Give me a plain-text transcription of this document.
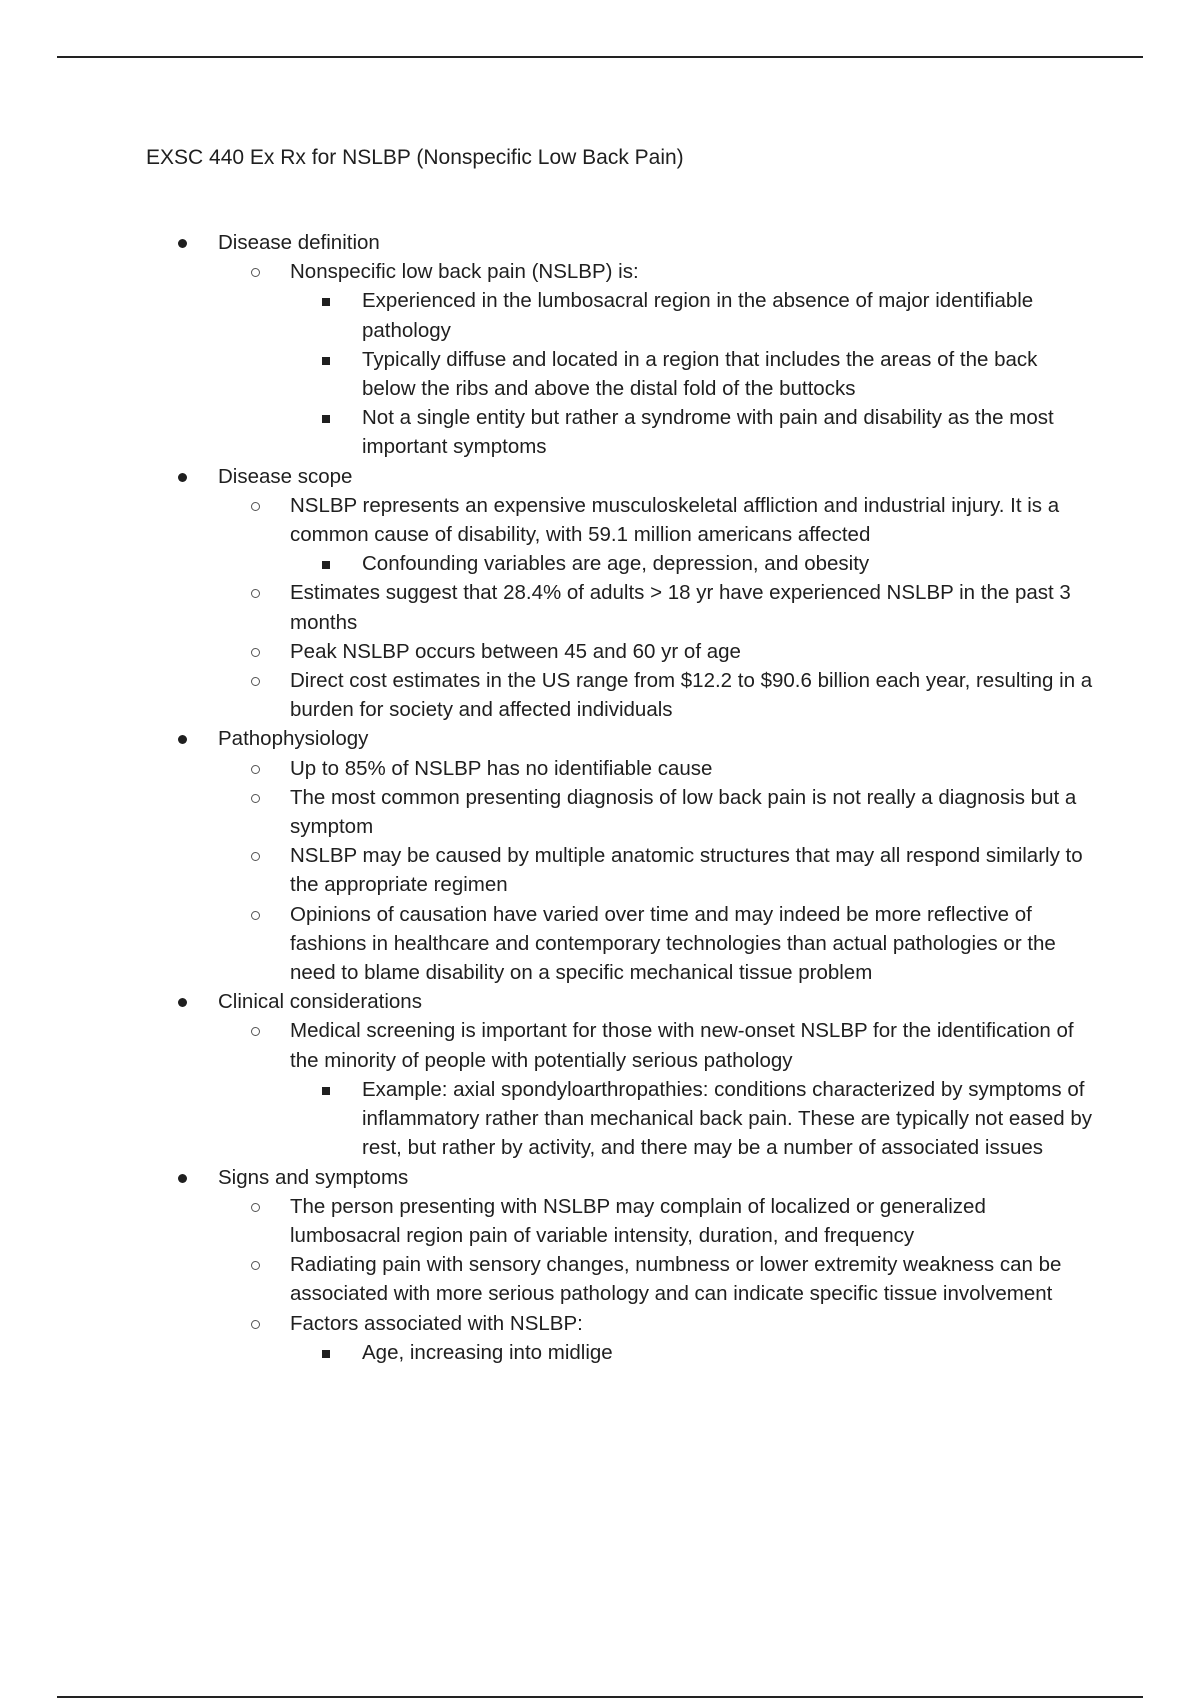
EXSC 440 Ex Rx for NSLBP (Nonspecific Low Back Pain)
Disease definition
Nonspecific low back pain (NSLBP) is:
Experienced in the lumbosacral region in the absence of major identifiable pathology
Typically diffuse and located in a region that includes the areas of the back below the ribs and above the distal fold of the buttocks
Not a single entity but rather a syndrome with pain and disability as the most important symptoms
Disease scope
NSLBP represents an expensive musculoskeletal affliction and industrial injury. It is a common cause of disability, with 59.1 million americans affected
Confounding variables are age, depression, and obesity
Estimates suggest that 28.4% of adults > 18 yr have experienced NSLBP in the past 3 months
Peak NSLBP occurs between 45 and 60 yr of age
Direct cost estimates in the US range from $12.2 to $90.6 billion each year, resulting in a burden for society and affected individuals
Pathophysiology
Up to 85% of NSLBP has no identifiable cause
The most common presenting diagnosis of low back pain is not really a diagnosis but a symptom
NSLBP may be caused by multiple anatomic structures that may all respond similarly to the appropriate regimen
Opinions of causation have varied over time and may indeed be more reflective of fashions in healthcare and contemporary technologies than actual pathologies or the need to blame disability on a specific mechanical tissue problem
Clinical considerations
Medical screening is important for those with new-onset NSLBP for the identification of the minority of people with potentially serious pathology
Example: axial spondyloarthropathies: conditions characterized by symptoms of inflammatory rather than mechanical back pain. These are typically not eased by rest, but rather by activity, and there may be a number of associated issues
Signs and symptoms
The person presenting with NSLBP may complain of localized or generalized lumbosacral region pain of variable intensity, duration, and frequency
Radiating pain with sensory changes, numbness or lower extremity weakness can be associated with more serious pathology and can indicate specific tissue involvement
Factors associated with NSLBP:
Age, increasing into midlige
